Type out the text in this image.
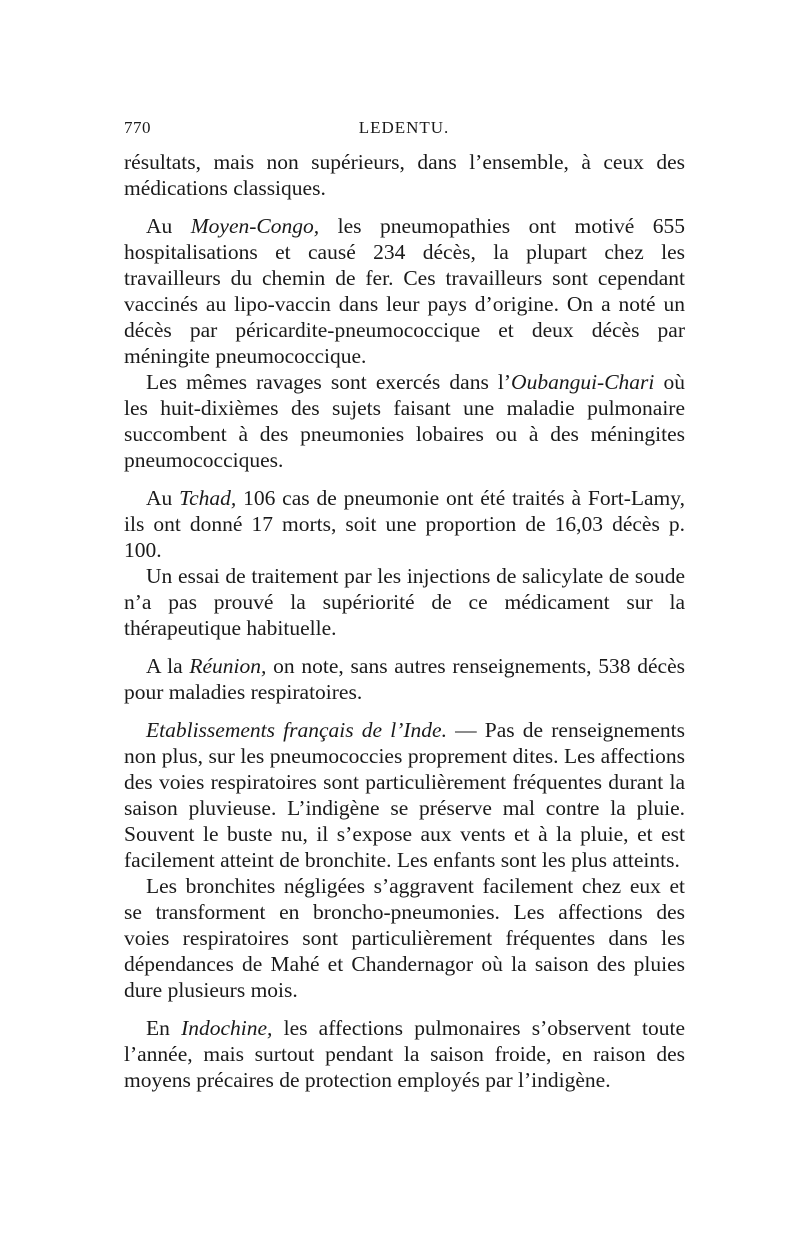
770	LEDENTU.

résultats, mais non supérieurs, dans l’ensemble, à ceux des médications classiques.

Au Moyen-Congo, les pneumopathies ont motivé 655 hospitalisations et causé 234 décès, la plupart chez les travailleurs du chemin de fer. Ces travailleurs sont cependant vaccinés au lipo-vaccin dans leur pays d’origine. On a noté un décès par péricardite-pneumococcique et deux décès par méningite pneumococcique.

Les mêmes ravages sont exercés dans l’Oubangui-Chari où les huit-dixièmes des sujets faisant une maladie pulmonaire succombent à des pneumonies lobaires ou à des méningites pneumococciques.

Au Tchad, 106 cas de pneumonie ont été traités à Fort-Lamy, ils ont donné 17 morts, soit une proportion de 16,03 décès p. 100.

Un essai de traitement par les injections de salicylate de soude n’a pas prouvé la supériorité de ce médicament sur la thérapeutique habituelle.

A la Réunion, on note, sans autres renseignements, 538 décès pour maladies respiratoires.

Etablissements français de l’Inde. — Pas de renseignements non plus, sur les pneumococcies proprement dites. Les affections des voies respiratoires sont particulièrement fréquentes durant la saison pluvieuse. L’indigène se préserve mal contre la pluie. Souvent le buste nu, il s’expose aux vents et à la pluie, et est facilement atteint de bronchite. Les enfants sont les plus atteints.

Les bronchites négligées s’aggravent facilement chez eux et se transforment en broncho-pneumonies. Les affections des voies respiratoires sont particulièrement fréquentes dans les dépendances de Mahé et Chandernagor où la saison des pluies dure plusieurs mois.

En Indochine, les affections pulmonaires s’observent toute l’année, mais surtout pendant la saison froide, en raison des moyens précaires de protection employés par l’indigène.
